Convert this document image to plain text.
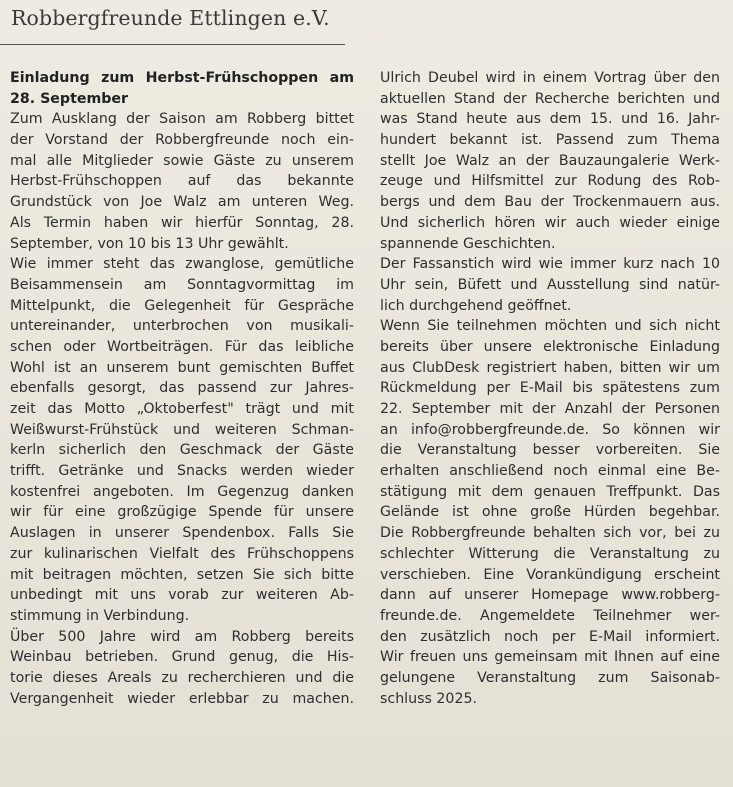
Robbergfreunde Ettlingen e.V.
Einladung zum Herbst-Frühschoppen am
28. September
Zum Ausklang der Saison am Robberg bittet
der Vorstand der Robbergfreunde noch ein-
mal alle Mitglieder sowie Gäste zu unserem
Herbst-Frühschoppen auf das bekannte
Grundstück von Joe Walz am unteren Weg.
Als Termin haben wir hierfür Sonntag, 28.
September, von 10 bis 13 Uhr gewählt.
Wie immer steht das zwanglose, gemütliche
Beisammensein am Sonntagvormittag im
Mittelpunkt, die Gelegenheit für Gespräche
untereinander, unterbrochen von musikali-
schen oder Wortbeiträgen. Für das leibliche
Wohl ist an unserem bunt gemischten Buffet
ebenfalls gesorgt, das passend zur Jahres-
zeit das Motto „Oktoberfest" trägt und mit
Weißwurst-Frühstück und weiteren Schman-
kerln sicherlich den Geschmack der Gäste
trifft. Getränke und Snacks werden wieder
kostenfrei angeboten. Im Gegenzug danken
wir für eine großzügige Spende für unsere
Auslagen in unserer Spendenbox. Falls Sie
zur kulinarischen Vielfalt des Frühschoppens
mit beitragen möchten, setzen Sie sich bitte
unbedingt mit uns vorab zur weiteren Ab-
stimmung in Verbindung.
Über 500 Jahre wird am Robberg bereits
Weinbau betrieben. Grund genug, die His-
torie dieses Areals zu recherchieren und die
Vergangenheit wieder erlebbar zu machen.
Ulrich Deubel wird in einem Vortrag über den
aktuellen Stand der Recherche berichten und
was Stand heute aus dem 15. und 16. Jahr-
hundert bekannt ist. Passend zum Thema
stellt Joe Walz an der Bauzaungalerie Werk-
zeuge und Hilfsmittel zur Rodung des Rob-
bergs und dem Bau der Trockenmauern aus.
Und sicherlich hören wir auch wieder einige
spannende Geschichten.
Der Fassanstich wird wie immer kurz nach 10
Uhr sein, Büfett und Ausstellung sind natür-
lich durchgehend geöffnet.
Wenn Sie teilnehmen möchten und sich nicht
bereits über unsere elektronische Einladung
aus ClubDesk registriert haben, bitten wir um
Rückmeldung per E-Mail bis spätestens zum
22. September mit der Anzahl der Personen
an info@robbergfreunde.de. So können wir
die Veranstaltung besser vorbereiten. Sie
erhalten anschließend noch einmal eine Be-
stätigung mit dem genauen Treffpunkt. Das
Gelände ist ohne große Hürden begehbar.
Die Robbergfreunde behalten sich vor, bei zu
schlechter Witterung die Veranstaltung zu
verschieben. Eine Vorankündigung erscheint
dann auf unserer Homepage www.robberg-
freunde.de. Angemeldete Teilnehmer wer-
den zusätzlich noch per E-Mail informiert.
Wir freuen uns gemeinsam mit Ihnen auf eine
gelungene Veranstaltung zum Saisonab-
schluss 2025.
